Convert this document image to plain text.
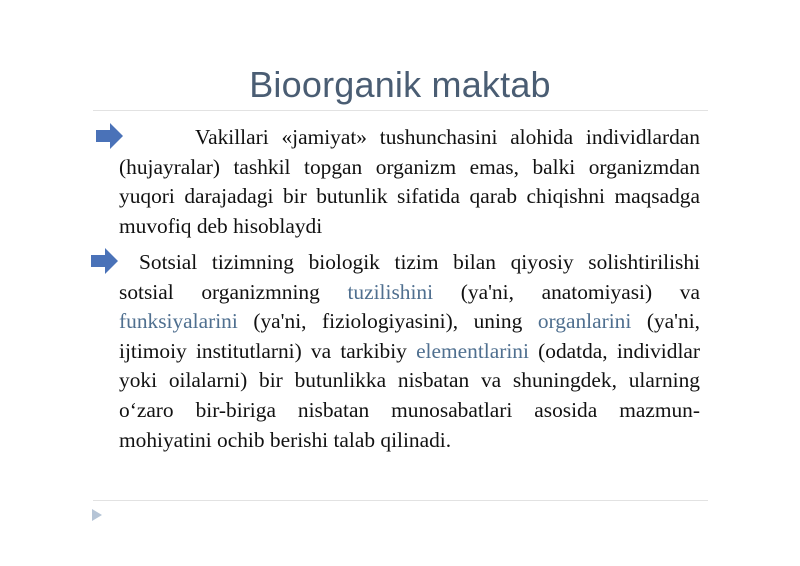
Bioorganik maktab
Vakillari «jamiyat» tushunchasini alohida individlardan (hujayralar) tashkil topgan organizm emas, balki organizmdan yuqori darajadagi bir butunlik sifatida qarab chiqishni maqsadga muvofiq deb hisoblaydi
Sotsial tizimning biologik tizim bilan qiyosiy solishtirilishi sotsial organizmning tuzilishini (ya'ni, anatomiyasi) va funksiyalarini (ya'ni, fiziologiyasini), uning organlarini (ya'ni, ijtimoiy institutlarni) va tarkibiy elementlarini (odatda, individlar yoki oilalarni) bir butunlikka nisbatan va shuningdek, ularning o‘zaro bir-biriga nisbatan munosabatlari asosida mazmun-mohiyatini ochib berishi talab qilinadi.
